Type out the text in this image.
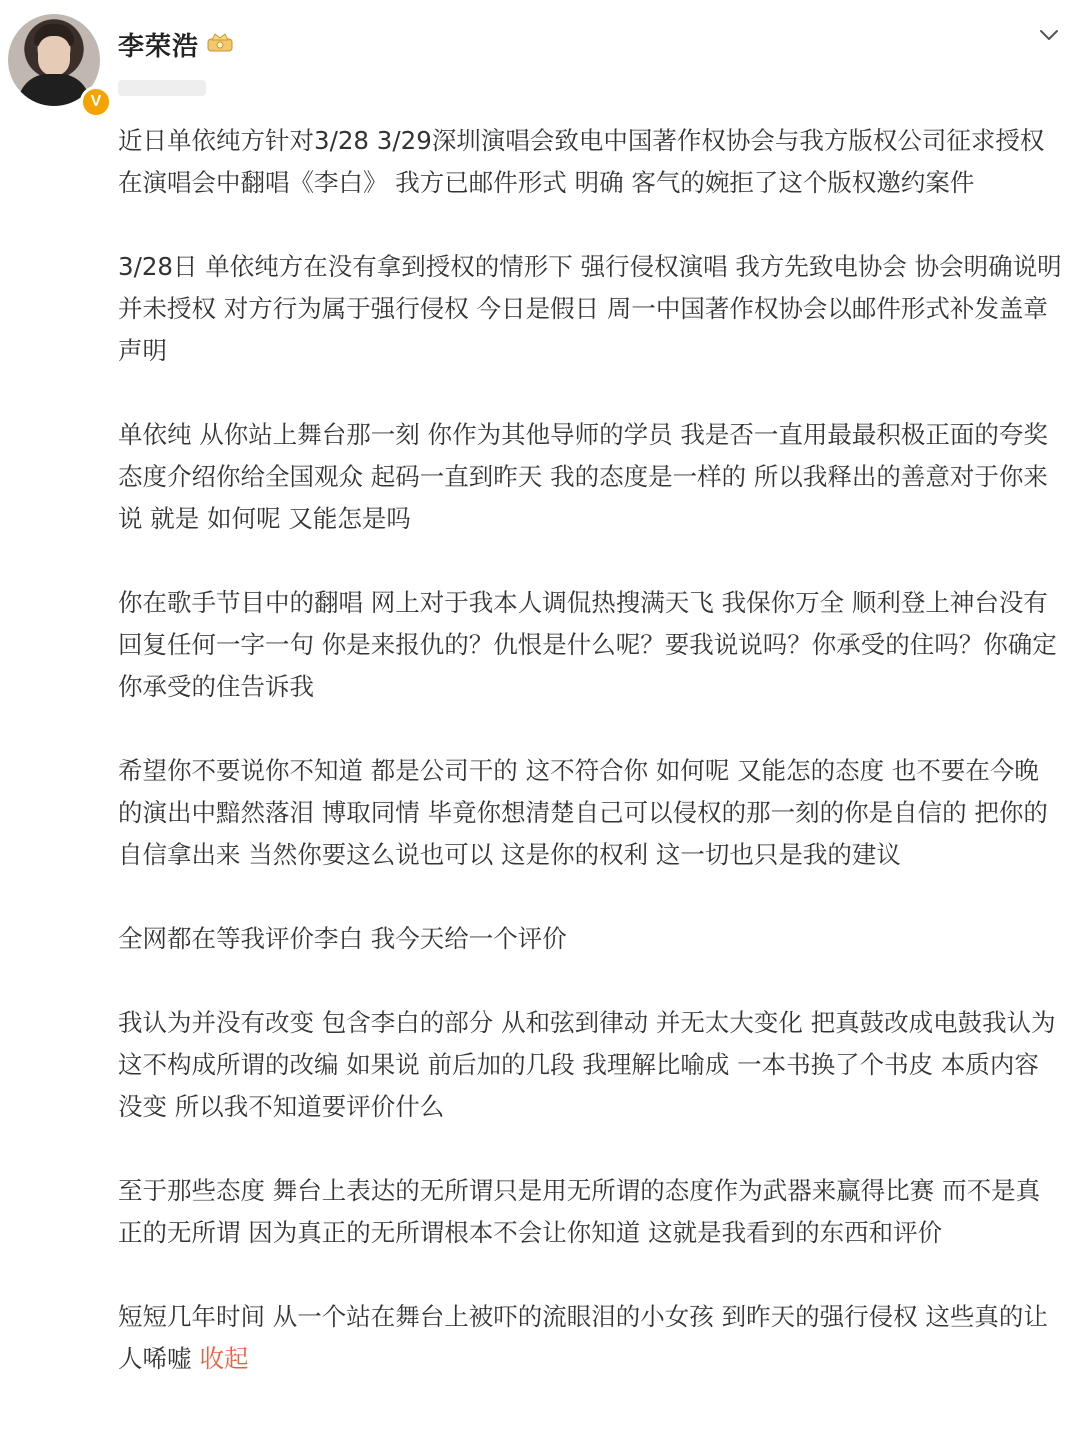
V
李荣浩

近日单依纯方针对3/28 3/29深圳演唱会致电中国著作权协会与我方版权公司征求授权在演唱会中翻唱《李白》 我方已邮件形式 明确 客气的婉拒了这个版权邀约案件

3/28日 单依纯方在没有拿到授权的情形下 强行侵权演唱 我方先致电协会 协会明确说明 并未授权 对方行为属于强行侵权 今日是假日 周一中国著作权协会以邮件形式补发盖章声明

单依纯 从你站上舞台那一刻 你作为其他导师的学员 我是否一直用最最积极正面的夸奖态度介绍你给全国观众 起码一直到昨天 我的态度是一样的 所以我释出的善意对于你来说 就是 如何呢 又能怎是吗

你在歌手节目中的翻唱 网上对于我本人调侃热搜满天飞 我保你万全 顺利登上神台没有回复任何一字一句 你是来报仇的？仇恨是什么呢？要我说说吗？你承受的住吗？你确定你承受的住告诉我

希望你不要说你不知道 都是公司干的 这不符合你 如何呢 又能怎的态度 也不要在今晚的演出中黯然落泪 博取同情 毕竟你想清楚自己可以侵权的那一刻的你是自信的 把你的自信拿出来 当然你要这么说也可以 这是你的权利 这一切也只是我的建议

全网都在等我评价李白 我今天给一个评价

我认为并没有改变 包含李白的部分 从和弦到律动 并无太大变化 把真鼓改成电鼓我认为这不构成所谓的改编 如果说 前后加的几段 我理解比喻成 一本书换了个书皮 本质内容没变 所以我不知道要评价什么

至于那些态度 舞台上表达的无所谓只是用无所谓的态度作为武器来赢得比赛 而不是真正的无所谓 因为真正的无所谓根本不会让你知道 这就是我看到的东西和评价

短短几年时间 从一个站在舞台上被吓的流眼泪的小女孩 到昨天的强行侵权 这些真的让人唏嘘 收起
